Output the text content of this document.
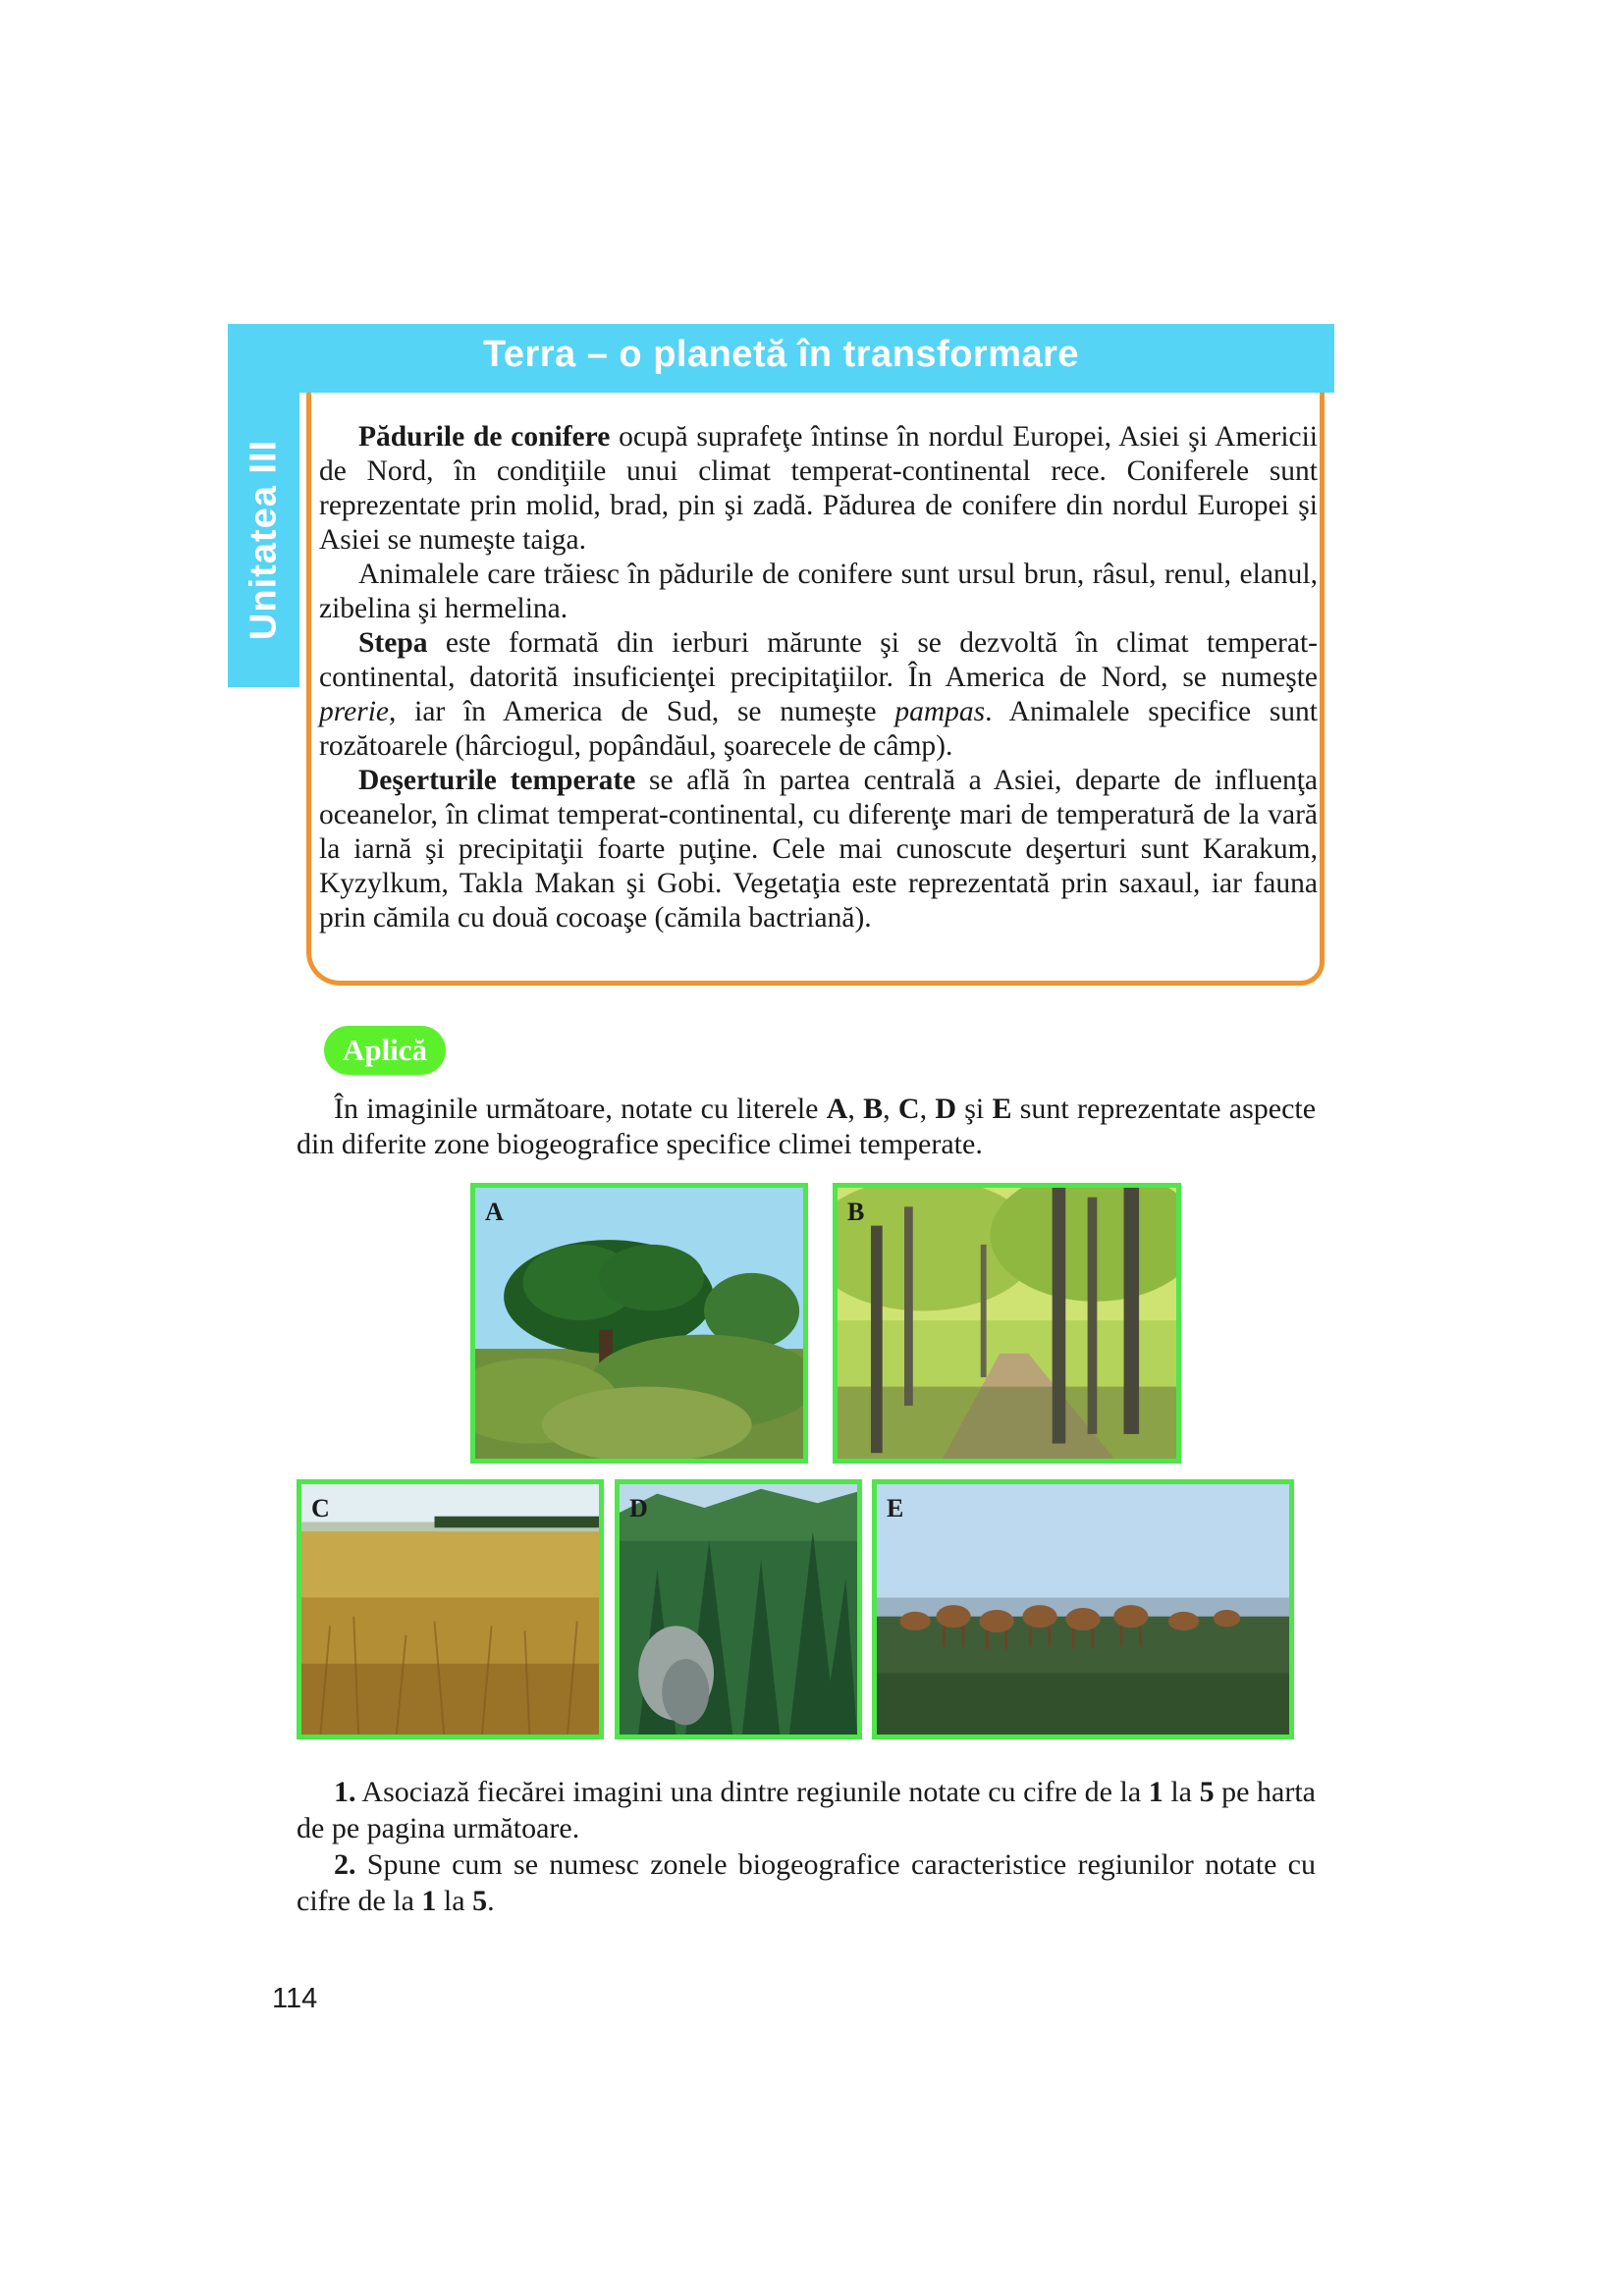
Terra – o planetă în transformare
Unitatea III

Pădurile de conifere ocupă suprafeţe întinse în nordul Europei, Asiei şi Americii de Nord, în condiţiile unui climat temperat-continental rece. Coniferele sunt reprezentate prin molid, brad, pin şi zadă. Pădurea de conifere din nordul Europei şi Asiei se numeşte taiga.

Animalele care trăiesc în pădurile de conifere sunt ursul brun, râsul, renul, elanul, zibelina şi hermelina.

Stepa este formată din ierburi mărunte şi se dezvoltă în climat temperat-continental, datorită insuficienţei precipitaţiilor. În America de Nord, se numeşte prerie, iar în America de Sud, se numeşte pampas. Animalele specifice sunt rozătoarele (hârciogul, popândăul, şoarecele de câmp).

Deşerturile temperate se află în partea centrală a Asiei, departe de influenţa oceanelor, în climat temperat-continental, cu diferenţe mari de temperatură de la vară la iarnă şi precipitaţii foarte puţine. Cele mai cunoscute deşerturi sunt Karakum, Kyzylkum, Takla Makan şi Gobi. Vegetaţia este reprezentată prin saxaul, iar fauna prin cămila cu două cocoaşe (cămila bactriană).

Aplică

În imaginile următoare, notate cu literele A, B, C, D şi E sunt reprezentate aspecte din diferite zone biogeografice specifice climei temperate.

A	B
C	D	E

1. Asociază fiecărei imagini una dintre regiunile notate cu cifre de la 1 la 5 pe harta de pe pagina următoare.

2. Spune cum se numesc zonele biogeografice caracteristice regiunilor notate cu cifre de la 1 la 5.

114
